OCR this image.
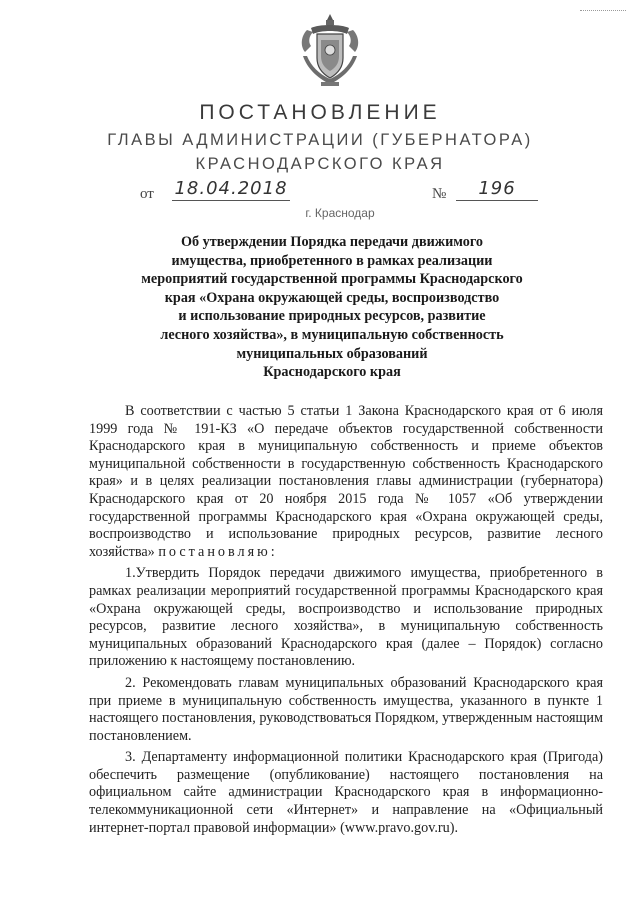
ПОСТАНОВЛЕНИЕ
ГЛАВЫ АДМИНИСТРАЦИИ (ГУБЕРНАТОРА)
КРАСНОДАРСКОГО КРАЯ
от 18.04.2018	№	196
г. Краснодар
Об утверждении Порядка передачи движимого
имущества, приобретенного в рамках реализации
мероприятий государственной программы Краснодарского
края «Охрана окружающей среды, воспроизводство
и использование природных ресурсов, развитие
лесного хозяйства», в муниципальную собственность
муниципальных образований
Краснодарского края

В соответствии с частью 5 статьи 1 Закона Краснодарского края от 6 июля 1999 года № 191-КЗ «О передаче объектов государственной собственности Краснодарского края в муниципальную собственность и приеме объектов муниципальной собственности в государственную собственность Краснодарского края» и в целях реализации постановления главы администрации (губернатора) Краснодарского края от 20 ноября 2015 года № 1057 «Об утверждении государственной программы Краснодарского края «Охрана окружающей среды, воспроизводство и использование природных ресурсов, развитие лесного хозяйства» постановляю:

1.Утвердить Порядок передачи движимого имущества, приобретенного в рамках реализации мероприятий государственной программы Краснодарского края «Охрана окружающей среды, воспроизводство и использование природных ресурсов, развитие лесного хозяйства», в муниципальную собственность муниципальных образований Краснодарского края (далее – Порядок) согласно приложению к настоящему постановлению.

2. Рекомендовать главам муниципальных образований Краснодарского края при приеме в муниципальную собственность имущества, указанного в пункте 1 настоящего постановления, руководствоваться Порядком, утвержденным настоящим постановлением.

3. Департаменту информационной политики Краснодарского края (Пригода) обеспечить размещение (опубликование) настоящего постановления на официальном сайте администрации Краснодарского края в информационно-телекоммуникационной сети «Интернет» и направление на «Официальный интернет-портал правовой информации» (www.pravo.gov.ru).
